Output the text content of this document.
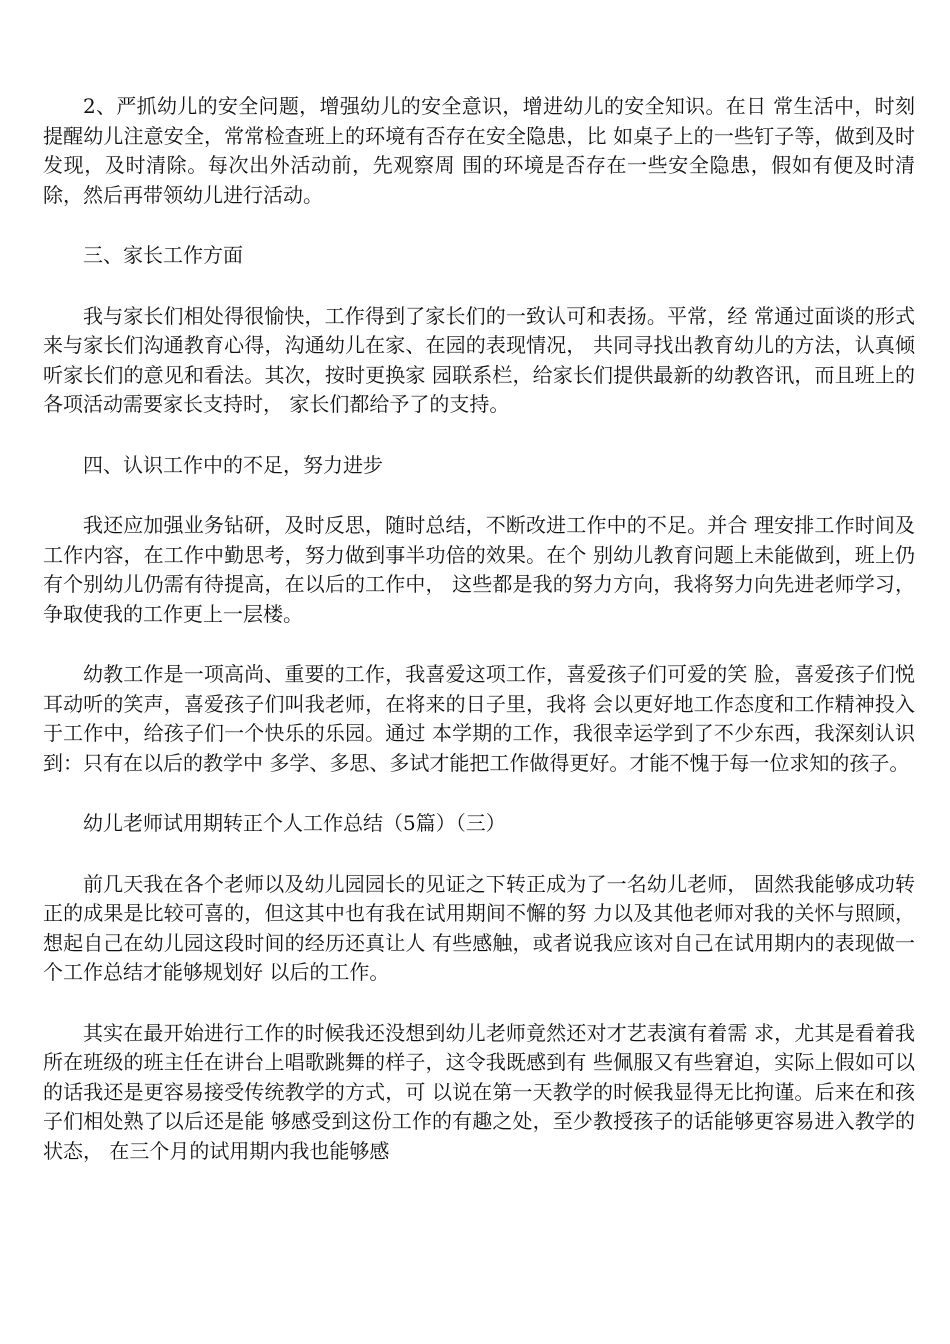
2、严抓幼儿的安全问题，增强幼儿的安全意识，增进幼儿的安全知识。在日 常生活中，时刻提醒幼儿注意安全，常常检查班上的环境有否存在安全隐患，比 如桌子上的一些钉子等，做到及时发现，及时清除。每次出外活动前，先观察周 围的环境是否存在一些安全隐患，假如有便及时清除，然后再带领幼儿进行活动。

三、家长工作方面

我与家长们相处得很愉快，工作得到了家长们的一致认可和表扬。平常，经 常通过面谈的形式来与家长们沟通教育心得，沟通幼儿在家、在园的表现情况， 共同寻找出教育幼儿的方法，认真倾听家长们的意见和看法。其次，按时更换家 园联系栏，给家长们提供最新的幼教咨讯，而且班上的各项活动需要家长支持时， 家长们都给予了的支持。

四、认识工作中的不足，努力进步

我还应加强业务钻研，及时反思，随时总结，不断改进工作中的不足。并合 理安排工作时间及工作内容，在工作中勤思考，努力做到事半功倍的效果。在个 别幼儿教育问题上未能做到，班上仍有个别幼儿仍需有待提高，在以后的工作中， 这些都是我的努力方向，我将努力向先进老师学习，争取使我的工作更上一层楼。

幼教工作是一项高尚、重要的工作，我喜爱这项工作，喜爱孩子们可爱的笑 脸，喜爱孩子们悦耳动听的笑声，喜爱孩子们叫我老师，在将来的日子里，我将 会以更好地工作态度和工作精神投入于工作中，给孩子们一个快乐的乐园。通过 本学期的工作，我很幸运学到了不少东西，我深刻认识到：只有在以后的教学中 多学、多思、多试才能把工作做得更好。才能不愧于每一位求知的孩子。

幼儿老师试用期转正个人工作总结（5篇）（三）

前几天我在各个老师以及幼儿园园长的见证之下转正成为了一名幼儿老师， 固然我能够成功转正的成果是比较可喜的，但这其中也有我在试用期间不懈的努 力以及其他老师对我的关怀与照顾，想起自己在幼儿园这段时间的经历还真让人 有些感触，或者说我应该对自己在试用期内的表现做一个工作总结才能够规划好 以后的工作。

其实在最开始进行工作的时候我还没想到幼儿老师竟然还对才艺表演有着需 求，尤其是看着我所在班级的班主任在讲台上唱歌跳舞的样子，这令我既感到有 些佩服又有些窘迫，实际上假如可以的话我还是更容易接受传统教学的方式，可 以说在第一天教学的时候我显得无比拘谨。后来在和孩子们相处熟了以后还是能 够感受到这份工作的有趣之处，至少教授孩子的话能够更容易进入教学的状态， 在三个月的试用期内我也能够感
